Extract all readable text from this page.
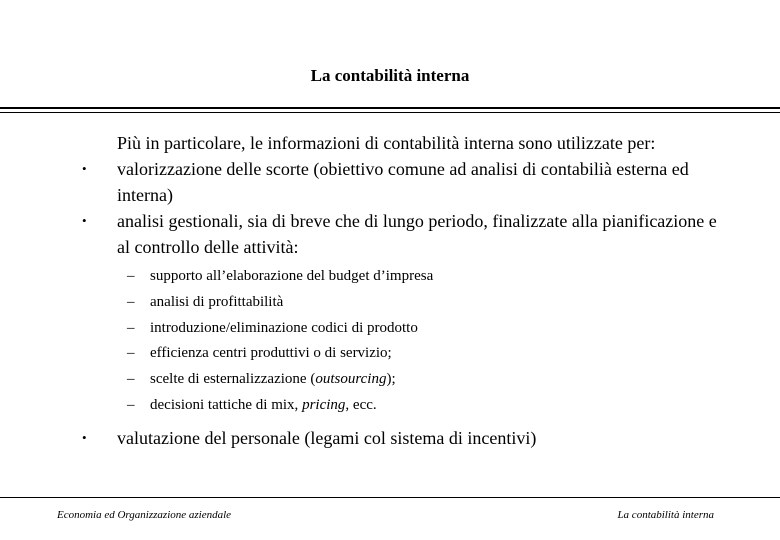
La contabilità interna

Più in particolare, le informazioni di contabilità interna sono utilizzate per:

• valorizzazione delle scorte (obiettivo comune ad analisi di contabilià esterna ed interna)
• analisi gestionali, sia di breve che di lungo periodo, finalizzate alla pianificazione e al controllo delle attività:
– supporto all’elaborazione del budget d’impresa
– analisi di profittabilità
– introduzione/eliminazione codici di prodotto
– efficienza centri produttivi o di servizio;
– scelte di esternalizzazione (outsourcing);
– decisioni tattiche di mix, pricing, ecc.
• valutazione del personale (legami col sistema di incentivi)
Economia ed Organizzazione aziendale	La contabilità interna
